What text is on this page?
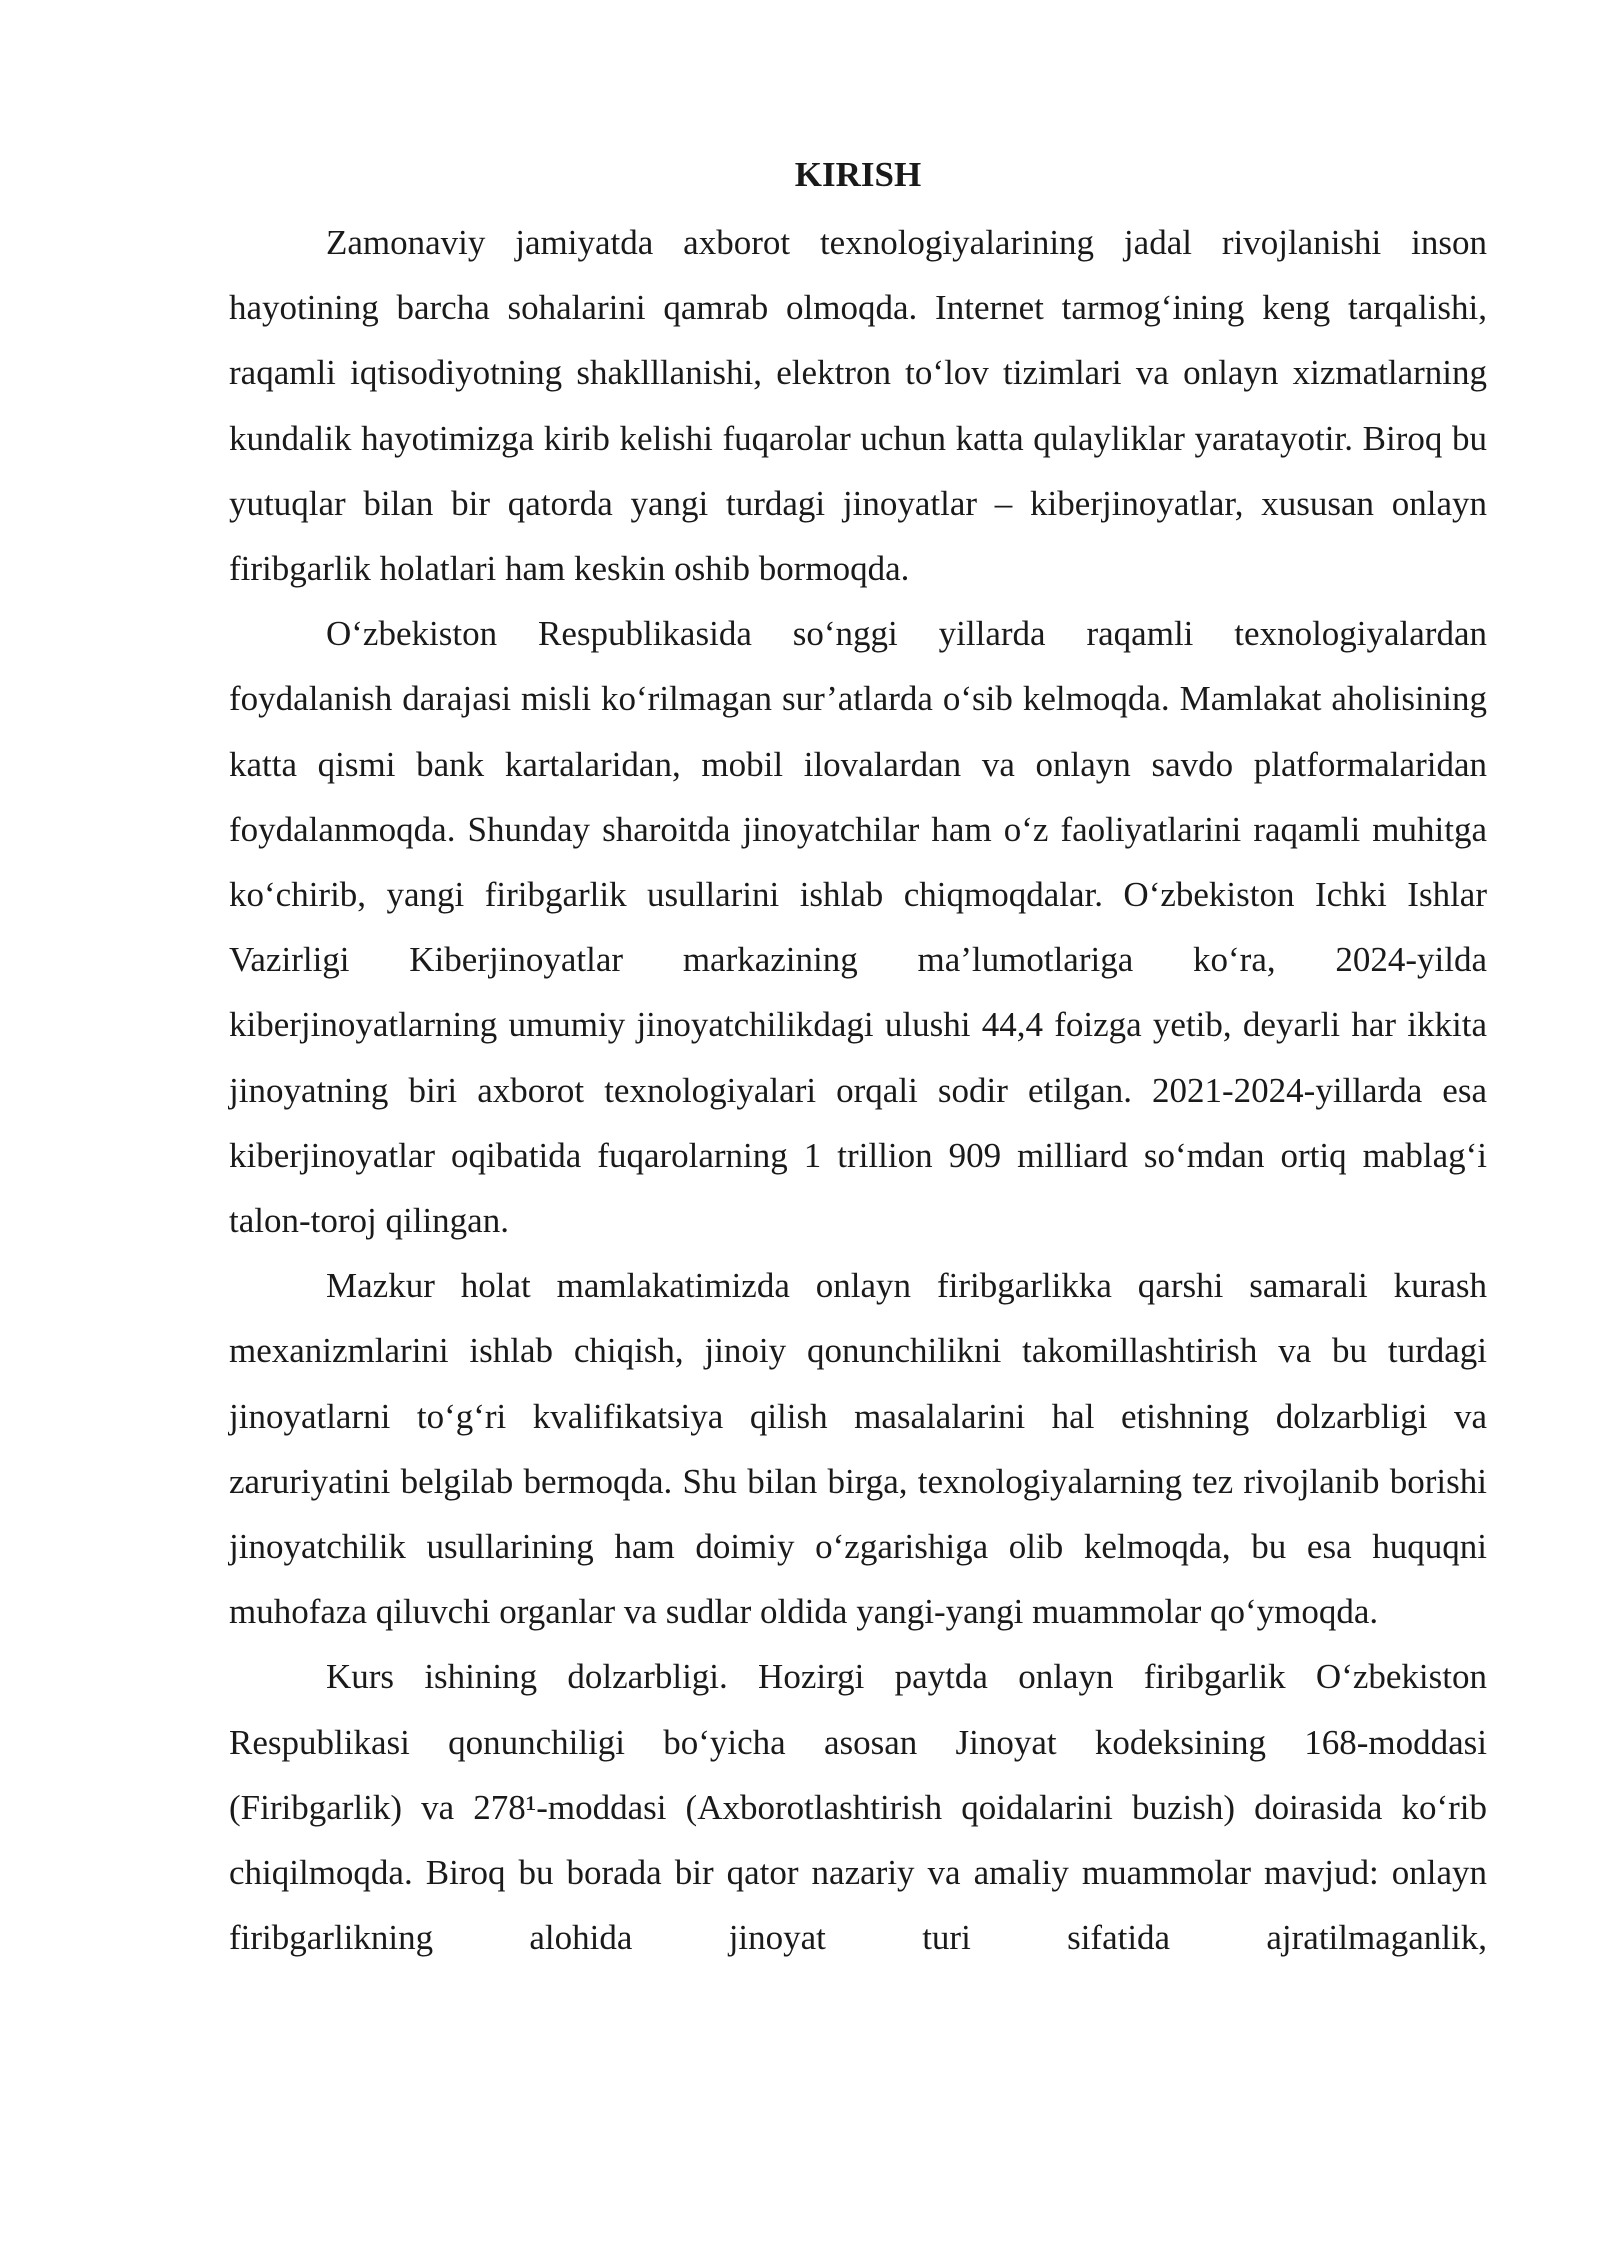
KIRISH

Zamonaviy jamiyatda axborot texnologiyalarining jadal rivojlanishi inson hayotining barcha sohalarini qamrab olmoqda. Internet tarmog‘ining keng tarqalishi, raqamli iqtisodiyotning shaklllanishi, elektron to‘lov tizimlari va onlayn xizmatlarning kundalik hayotimizga kirib kelishi fuqarolar uchun katta qulayliklar yaratayotir. Biroq bu yutuqlar bilan bir qatorda yangi turdagi jinoyatlar – kiberjinoyatlar, xususan onlayn firibgarlik holatlari ham keskin oshib bormoqda.

O‘zbekiston Respublikasida so‘nggi yillarda raqamli texnologiyalardan foydalanish darajasi misli ko‘rilmagan sur’atlarda o‘sib kelmoqda. Mamlakat aholisining katta qismi bank kartalaridan, mobil ilovalardan va onlayn savdo platformalaridan foydalanmoqda. Shunday sharoitda jinoyatchilar ham o‘z faoliyatlarini raqamli muhitga ko‘chirib, yangi firibgarlik usullarini ishlab chiqmoqdalar. O‘zbekiston Ichki Ishlar Vazirligi Kiberjinoyatlar markazining ma’lumotlariga ko‘ra, 2024-yilda kiberjinoyatlarning umumiy jinoyatchilikdagi ulushi 44,4 foizga yetib, deyarli har ikkita jinoyatning biri axborot texnologiyalari orqali sodir etilgan. 2021-2024-yillarda esa kiberjinoyatlar oqibatida fuqarolarning 1 trillion 909 milliard so‘mdan ortiq mablag‘i talon-toroj qilingan.

Mazkur holat mamlakatimizda onlayn firibgarlikka qarshi samarali kurash mexanizmlarini ishlab chiqish, jinoiy qonunchilikni takomillashtirish va bu turdagi jinoyatlarni to‘g‘ri kvalifikatsiya qilish masalalarini hal etishning dolzarbligi va zaruriyatini belgilab bermoqda. Shu bilan birga, texnologiyalarning tez rivojlanib borishi jinoyatchilik usullarining ham doimiy o‘zgarishiga olib kelmoqda, bu esa huquqni muhofaza qiluvchi organlar va sudlar oldida yangi-yangi muammolar qo‘ymoqda.

Kurs ishining dolzarbligi. Hozirgi paytda onlayn firibgarlik O‘zbekiston Respublikasi qonunchiligi bo‘yicha asosan Jinoyat kodeksining 168-moddasi (Firibgarlik) va 278¹-moddasi (Axborotlashtirish qoidalarini buzish) doirasida ko‘rib chiqilmoqda. Biroq bu borada bir qator nazariy va amaliy muammolar mavjud: onlayn firibgarlikning alohida jinoyat turi sifatida ajratilmaganlik,
